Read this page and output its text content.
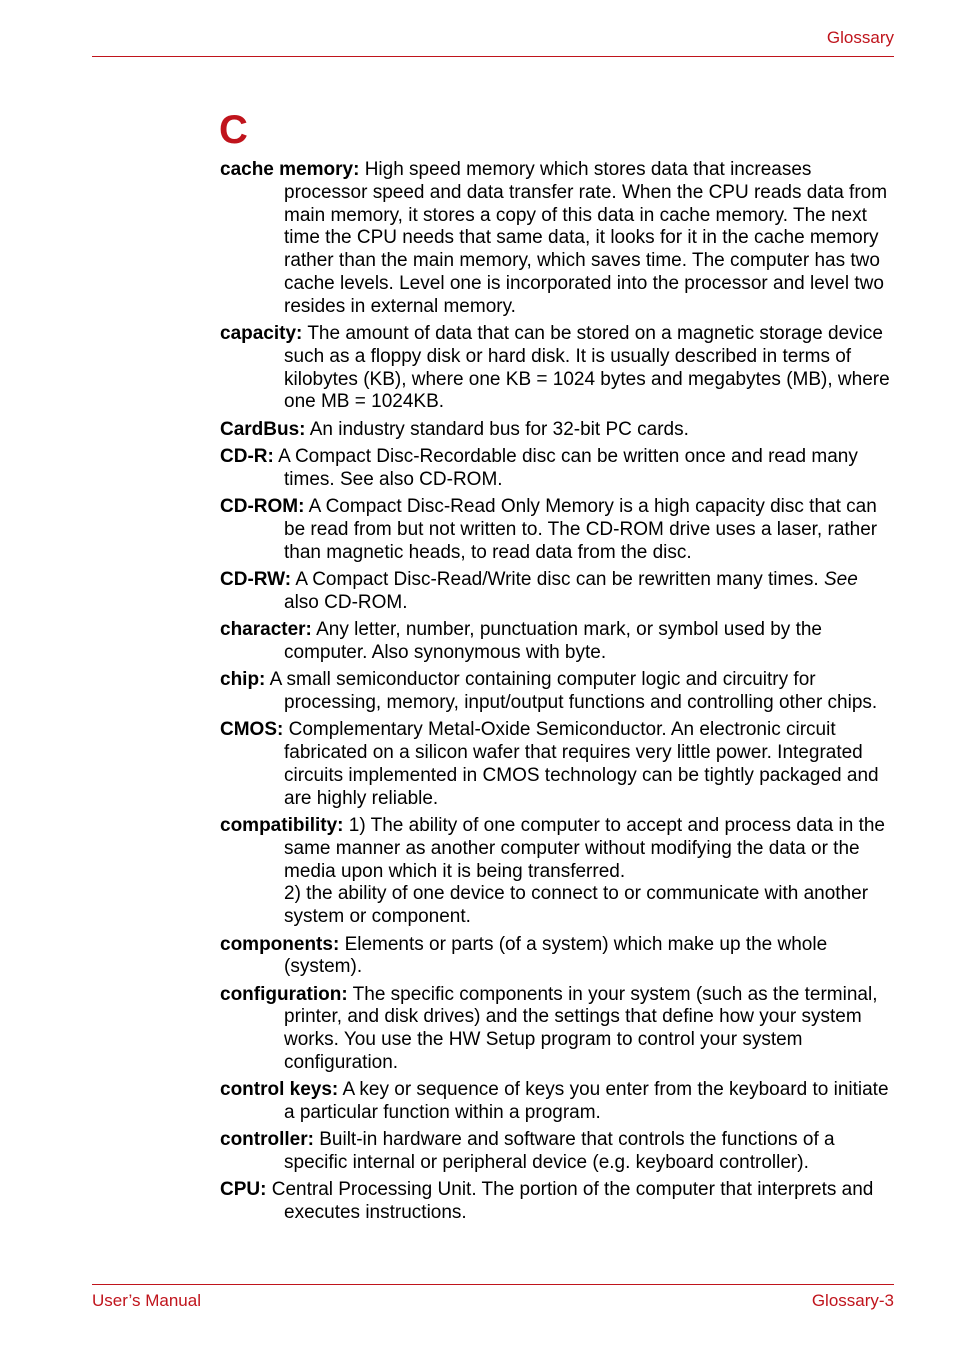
Glossary
C

cache memory: High speed memory which stores data that increases processor speed and data transfer rate. When the CPU reads data from main memory, it stores a copy of this data in cache memory. The next time the CPU needs that same data, it looks for it in the cache memory rather than the main memory, which saves time. The computer has two cache levels. Level one is incorporated into the processor and level two resides in external memory.

capacity: The amount of data that can be stored on a magnetic storage device such as a floppy disk or hard disk. It is usually described in terms of kilobytes (KB), where one KB = 1024 bytes and megabytes (MB), where one MB = 1024KB.

CardBus: An industry standard bus for 32-bit PC cards.

CD-R: A Compact Disc-Recordable disc can be written once and read many times. See also CD-ROM.

CD-ROM: A Compact Disc-Read Only Memory is a high capacity disc that can be read from but not written to. The CD-ROM drive uses a laser, rather than magnetic heads, to read data from the disc.

CD-RW: A Compact Disc-Read/Write disc can be rewritten many times. See also CD-ROM.

character: Any letter, number, punctuation mark, or symbol used by the computer. Also synonymous with byte.

chip: A small semiconductor containing computer logic and circuitry for processing, memory, input/output functions and controlling other chips.

CMOS: Complementary Metal-Oxide Semiconductor. An electronic circuit fabricated on a silicon wafer that requires very little power. Integrated circuits implemented in CMOS technology can be tightly packaged and are highly reliable.

compatibility: 1) The ability of one computer to accept and process data in the same manner as another computer without modifying the data or the media upon which it is being transferred.
2) the ability of one device to connect to or communicate with another system or component.

components: Elements or parts (of a system) which make up the whole (system).

configuration: The specific components in your system (such as the terminal, printer, and disk drives) and the settings that define how your system works. You use the HW Setup program to control your system configuration.

control keys: A key or sequence of keys you enter from the keyboard to initiate a particular function within a program.

controller: Built-in hardware and software that controls the functions of a specific internal or peripheral device (e.g. keyboard controller).

CPU: Central Processing Unit. The portion of the computer that interprets and executes instructions.

User’s Manual	Glossary-3
